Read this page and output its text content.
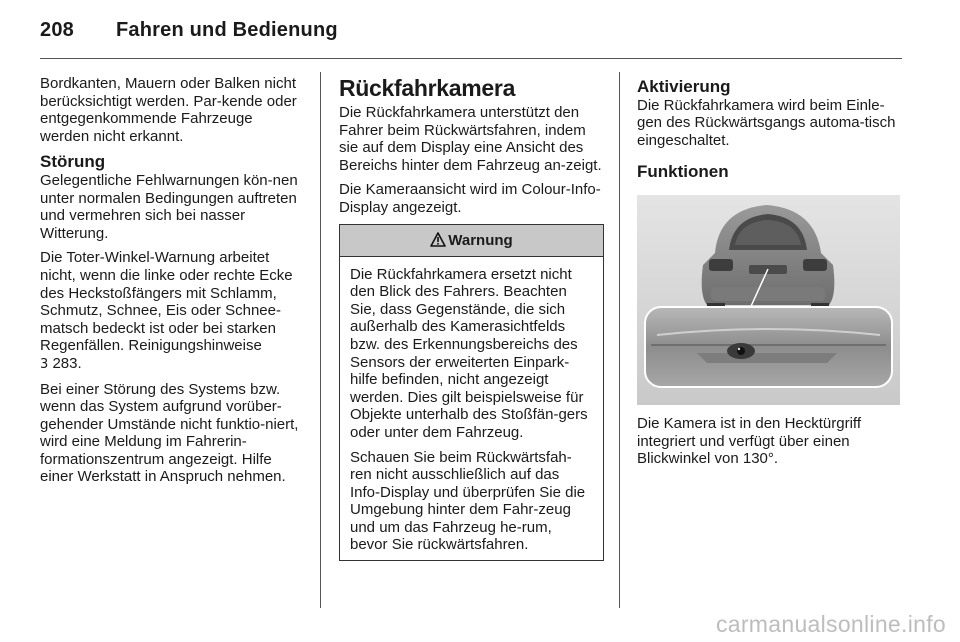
208 Fahren und Bedienung

Bordkanten, Mauern oder Balken nicht berücksichtigt werden. Par-kende oder entgegenkommende Fahrzeuge werden nicht erkannt.

Störung

Gelegentliche Fehlwarnungen kön-nen unter normalen Bedingungen auftreten und vermehren sich bei nasser Witterung.

Die Toter-Winkel-Warnung arbeitet nicht, wenn die linke oder rechte Ecke des Heckstoßfängers mit Schlamm, Schmutz, Schnee, Eis oder Schnee-matsch bedeckt ist oder bei starken Regenfällen. Reinigungshinweise
3 283.

Bei einer Störung des Systems bzw. wenn das System aufgrund vorüber-gehender Umstände nicht funktio-niert, wird eine Meldung im Fahrerin-formationszentrum angezeigt. Hilfe einer Werkstatt in Anspruch nehmen.

Rückfahrkamera

Die Rückfahrkamera unterstützt den Fahrer beim Rückwärtsfahren, indem sie auf dem Display eine Ansicht des Bereichs hinter dem Fahrzeug an-zeigt.

Die Kameraansicht wird im Colour-Info-Display angezeigt.

Warnung

Die Rückfahrkamera ersetzt nicht den Blick des Fahrers. Beachten Sie, dass Gegenstände, die sich außerhalb des Kamerasichtfelds bzw. des Erkennungsbereichs des Sensors der erweiterten Einpark-hilfe befinden, nicht angezeigt werden. Dies gilt beispielsweise für Objekte unterhalb des Stoßfän-gers oder unter dem Fahrzeug.

Schauen Sie beim Rückwärtsfah-ren nicht ausschließlich auf das Info-Display und überprüfen Sie die Umgebung hinter dem Fahr-zeug und um das Fahrzeug he-rum, bevor Sie rückwärtsfahren.

Aktivierung

Die Rückfahrkamera wird beim Einle-gen des Rückwärtsgangs automa-tisch eingeschaltet.

Funktionen

Die Kamera ist in den Hecktürgriff integriert und verfügt über einen Blickwinkel von 130°.

carmanualsonline.info
